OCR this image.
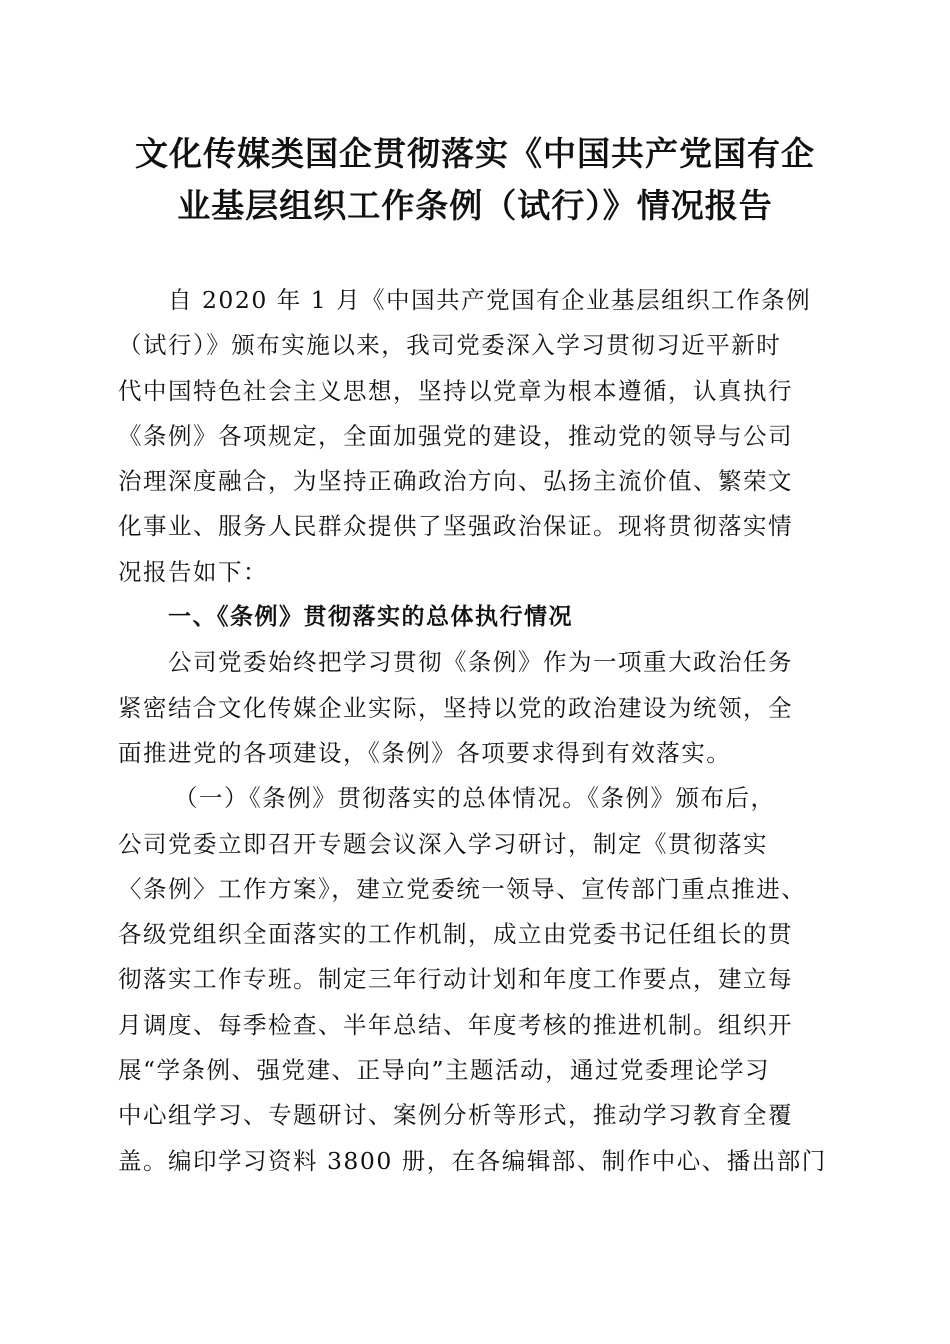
文化传媒类国企贯彻落实《中国共产党国有企
业基层组织工作条例（试行）》情况报告
自 2020 年 1 月《中国共产党国有企业基层组织工作条例
（试行）》颁布实施以来，我司党委深入学习贯彻习近平新时
代中国特色社会主义思想，坚持以党章为根本遵循，认真执行
《条例》各项规定，全面加强党的建设，推动党的领导与公司
治理深度融合，为坚持正确政治方向、弘扬主流价值、繁荣文
化事业、服务人民群众提供了坚强政治保证。现将贯彻落实情
况报告如下：
一、《条例》贯彻落实的总体执行情况
公司党委始终把学习贯彻《条例》作为一项重大政治任务
紧密结合文化传媒企业实际，坚持以党的政治建设为统领，全
面推进党的各项建设，《条例》各项要求得到有效落实。
（一）《条例》贯彻落实的总体情况。《条例》颁布后，
公司党委立即召开专题会议深入学习研讨，制定《贯彻落实
〈条例〉工作方案》，建立党委统一领导、宣传部门重点推进、
各级党组织全面落实的工作机制，成立由党委书记任组长的贯
彻落实工作专班。制定三年行动计划和年度工作要点，建立每
月调度、每季检查、半年总结、年度考核的推进机制。组织开
展“学条例、强党建、正导向”主题活动，通过党委理论学习
中心组学习、专题研讨、案例分析等形式，推动学习教育全覆
盖。编印学习资料 3800 册，在各编辑部、制作中心、播出部门
